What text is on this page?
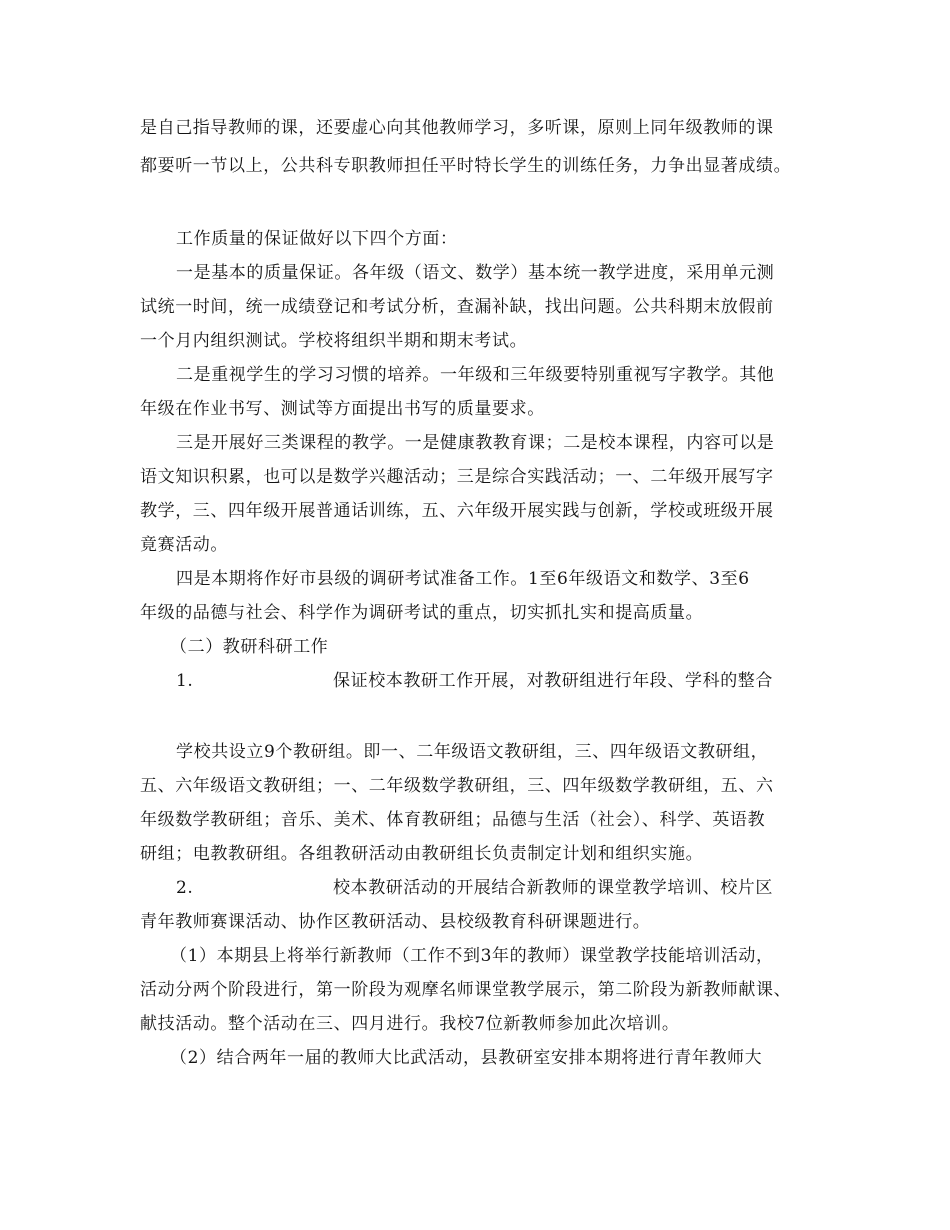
是自己指导教师的课，还要虚心向其他教师学习，多听课，原则上同年级教师的课
都要听一节以上，公共科专职教师担任平时特长学生的训练任务，力争出显著成绩。
工作质量的保证做好以下四个方面：
一是基本的质量保证。各年级（语文、数学）基本统一教学进度，采用单元测
试统一时间，统一成绩登记和考试分析，查漏补缺，找出问题。公共科期末放假前
一个月内组织测试。学校将组织半期和期末考试。
二是重视学生的学习习惯的培养。一年级和三年级要特别重视写字教学。其他
年级在作业书写、测试等方面提出书写的质量要求。
三是开展好三类课程的教学。一是健康教教育课；二是校本课程，内容可以是
语文知识积累，也可以是数学兴趣活动；三是综合实践活动；一、二年级开展写字
教学，三、四年级开展普通话训练，五、六年级开展实践与创新，学校或班级开展
竟赛活动。
四是本期将作好市县级的调研考试准备工作。1至6年级语文和数学、3至6
年级的品德与社会、科学作为调研考试的重点，切实抓扎实和提高质量。
（二）教研科研工作
1.	保证校本教研工作开展，对教研组进行年段、学科的整合
学校共设立9个教研组。即一、二年级语文教研组，三、四年级语文教研组，
五、六年级语文教研组；一、二年级数学教研组，三、四年级数学教研组，五、六
年级数学教研组；音乐、美术、体育教研组；品德与生活（社会）、科学、英语教
研组；电教教研组。各组教研活动由教研组长负责制定计划和组织实施。
2.	校本教研活动的开展结合新教师的课堂教学培训、校片区
青年教师赛课活动、协作区教研活动、县校级教育科研课题进行。
（1）本期县上将举行新教师（工作不到3年的教师）课堂教学技能培训活动，
活动分两个阶段进行，第一阶段为观摩名师课堂教学展示，第二阶段为新教师献课、
献技活动。整个活动在三、四月进行。我校7位新教师参加此次培训。
（2）结合两年一届的教师大比武活动，县教研室安排本期将进行青年教师大
